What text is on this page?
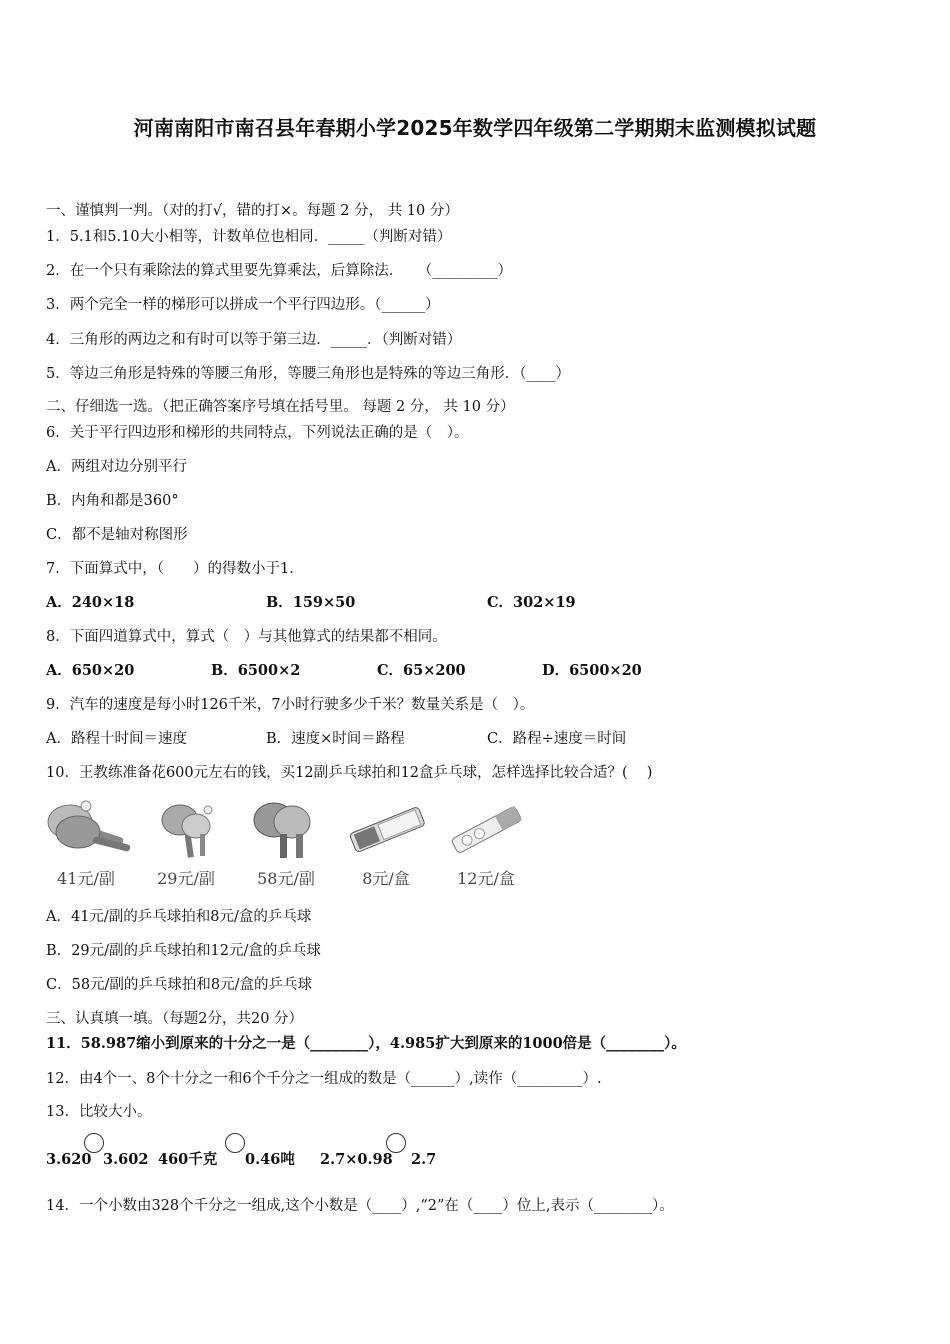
河南南阳市南召县年春期小学2025年数学四年级第二学期期末监测模拟试题
一、谨慎判一判。（对的打√，错的打×。每题 2 分， 共 10 分）
1．5.1和5.10大小相等，计数单位也相同．_____（判断对错）
2．在一个只有乘除法的算式里要先算乘法，后算除法．　　（_________）
3．两个完全一样的梯形可以拼成一个平行四边形。（______）
4．三角形的两边之和有时可以等于第三边．_____．（判断对错）
5．等边三角形是特殊的等腰三角形，等腰三角形也是特殊的等边三角形．（____）
二、仔细选一选。（把正确答案序号填在括号里。 每题 2 分， 共 10 分）
6．关于平行四边形和梯形的共同特点，下列说法正确的是（　）。
A．两组对边分别平行
B．内角和都是360°
C．都不是轴对称图形
7．下面算式中，（　　）的得数小于1．
A．240×18	B．159×50	C．302×19
8．下面四道算式中，算式（　）与其他算式的结果都不相同。
A．650×20	B．6500×2	C．65×200	D．6500×20
9．汽车的速度是每小时126千米，7小时行驶多少千米？数量关系是（　）。
A．路程十时间＝速度	B．速度×时间＝路程	C．路程÷速度＝时间
10．王教练准备花600元左右的钱，买12副乒乓球拍和12盒乒乓球，怎样选择比较合适？(　 )
41元/副	29元/副	58元/副	8元/盒	12元/盒
A．41元/副的乒乓球拍和8元/盒的乒乓球
B．29元/副的乒乓球拍和12元/盒的乒乓球
C．58元/副的乒乓球拍和8元/盒的乒乓球
三、认真填一填。（每题2分，共20 分）
11．58.987缩小到原来的十分之一是（________），4.985扩大到原来的1000倍是（________）。
12．由4个一、8个十分之一和6个千分之一组成的数是（______）,读作（_________）.
13．比较大小。
3.620 3.602 460千克 0.46吨 2.7×0.98 2.7
14．一个小数由328个千分之一组成,这个小数是（____）,“2”在（____）位上,表示（________）。
